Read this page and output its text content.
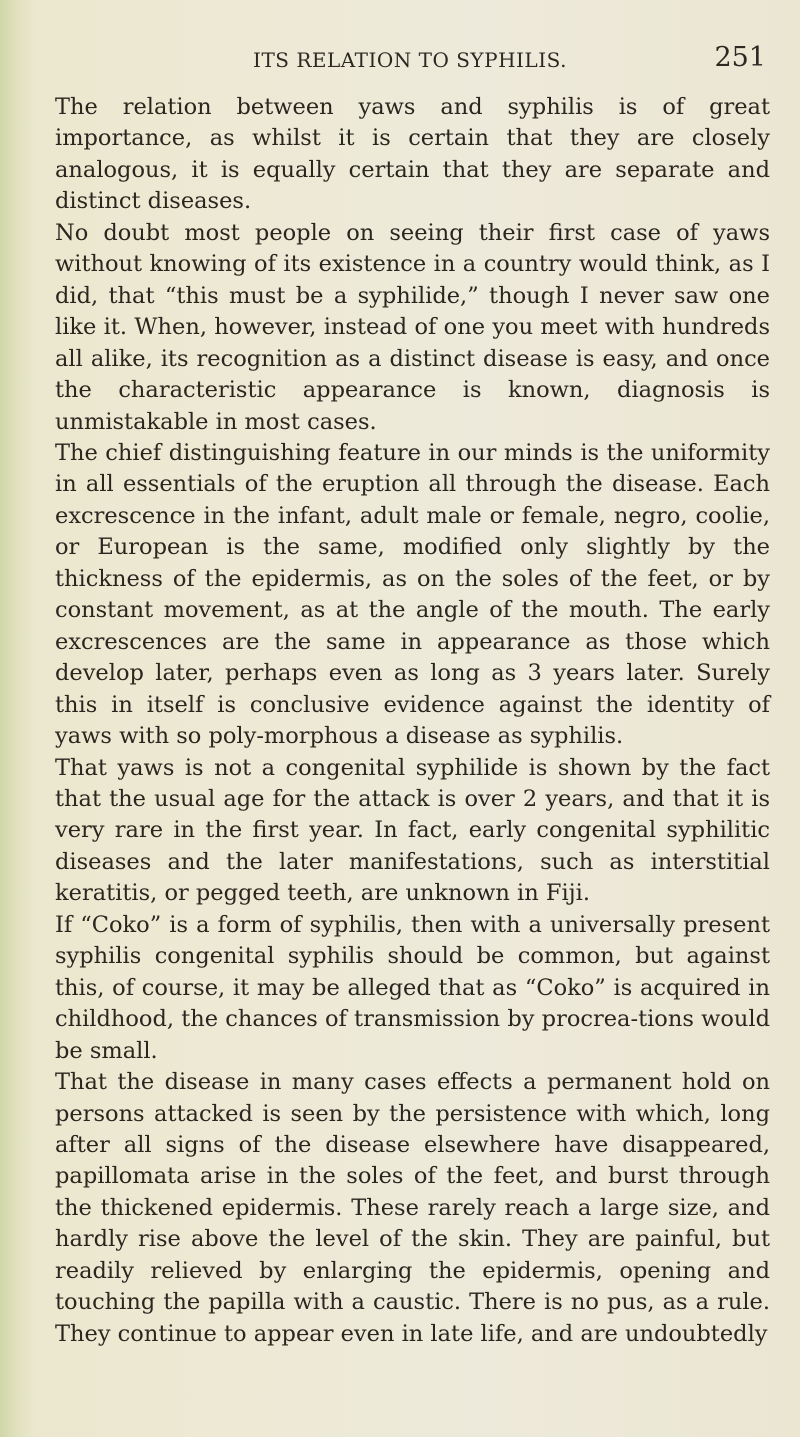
ITS RELATION TO SYPHILIS.	251

The relation between yaws and syphilis is of great importance, as whilst it is certain that they are closely analogous, it is equally certain that they are separate and distinct diseases.

No doubt most people on seeing their first case of yaws without knowing of its existence in a country would think, as I did, that “this must be a syphilide,” though I never saw one like it. When, however, instead of one you meet with hundreds all alike, its recognition as a distinct disease is easy, and once the characteristic appearance is known, diagnosis is unmistakable in most cases.

The chief distinguishing feature in our minds is the uniformity in all essentials of the eruption all through the disease. Each excrescence in the infant, adult male or female, negro, coolie, or European is the same, modified only slightly by the thickness of the epidermis, as on the soles of the feet, or by constant movement, as at the angle of the mouth. The early excrescences are the same in appearance as those which develop later, perhaps even as long as 3 years later. Surely this in itself is conclusive evidence against the identity of yaws with so poly-morphous a disease as syphilis.

That yaws is not a congenital syphilide is shown by the fact that the usual age for the attack is over 2 years, and that it is very rare in the first year. In fact, early congenital syphilitic diseases and the later manifestations, such as interstitial keratitis, or pegged teeth, are unknown in Fiji.

If “Coko” is a form of syphilis, then with a universally present syphilis congenital syphilis should be common, but against this, of course, it may be alleged that as “Coko” is acquired in childhood, the chances of transmission by procrea-tions would be small.

That the disease in many cases effects a permanent hold on persons attacked is seen by the persistence with which, long after all signs of the disease elsewhere have disappeared, papillomata arise in the soles of the feet, and burst through the thickened epidermis. These rarely reach a large size, and hardly rise above the level of the skin. They are painful, but readily relieved by enlarging the epidermis, opening and touching the papilla with a caustic. There is no pus, as a rule. They continue to appear even in late life, and are undoubtedly
